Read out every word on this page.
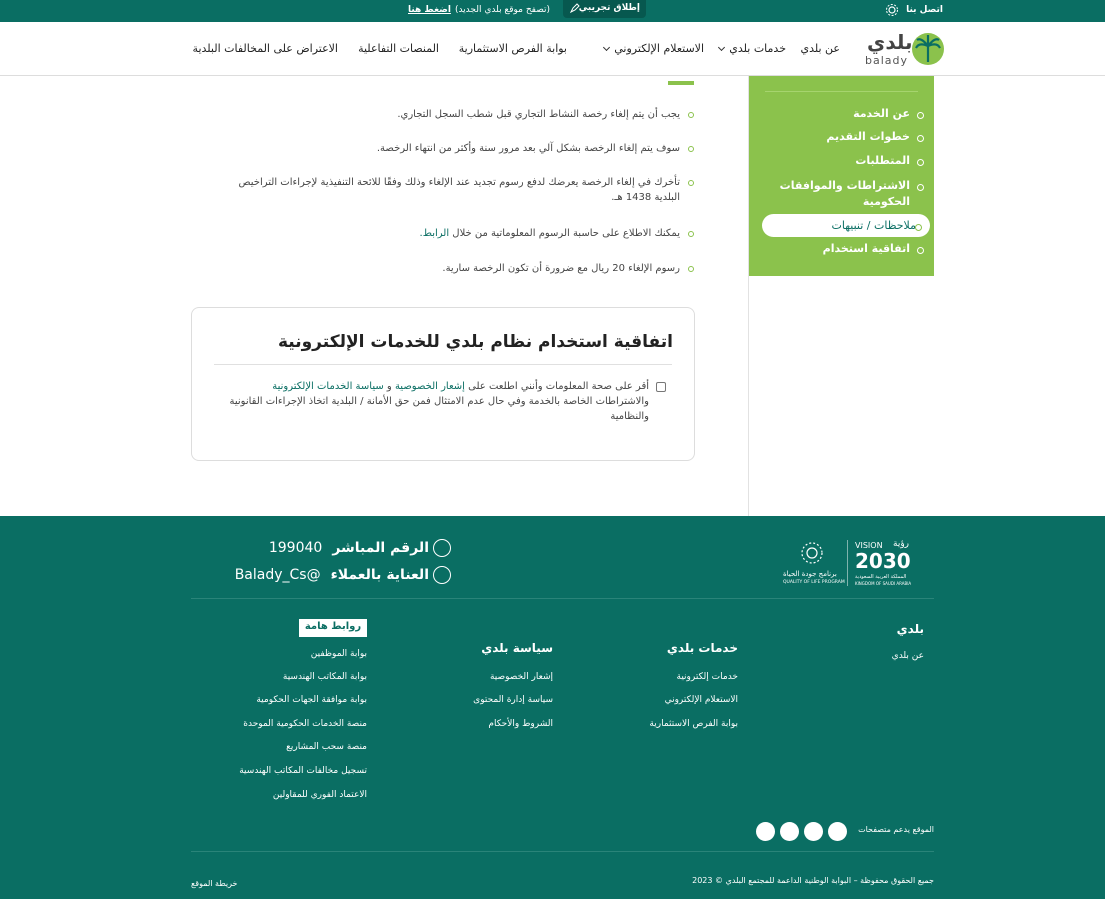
اتصل بنا
إطلاق تجريبي
(تصفح موقع بلدي الجديد)اضغط هنا
بلدي
balady
عن بلدي
خدمات بلدي
الاستعلام الإلكتروني
بوابة الفرص الاستثمارية
المنصات التفاعلية
الاعتراض على المخالفات البلدية
عن الخدمة
خطوات التقديم
المتطلبات
الاشتراطات والموافقات الحكومية
ملاحظات / تنبيهات
اتفاقية استخدام
يجب أن يتم إلغاء رخصة النشاط التجاري قبل شطب السجل التجاري.
سوف يتم إلغاء الرخصة بشكل آلي بعد مرور سنة وأكثر من انتهاء الرخصة.
تأخرك في إلغاء الرخصة يعرضك لدفع رسوم تجديد عند الإلغاء وذلك وفقًا للائحة التنفيذية لإجراءات التراخيص البلدية 1438 هـ.
يمكنك الاطلاع على حاسبة الرسوم المعلوماتية من خلال الرابط.
رسوم الإلغاء 20 ريال مع ضرورة أن تكون الرخصة سارية.
اتفاقية استخدام نظام بلدي للخدمات الإلكترونية
أقر على صحة المعلومات وأنني اطلعت على إشعار الخصوصية و سياسة الخدمات الإلكترونية والاشتراطات الخاصة بالخدمة وفي حال عدم الامتثال فمن حق الأمانة / البلدية اتخاذ الإجراءات القانونية والنظامية
الرقم المباشر199040
العناية بالعملاء@Balady_Cs	برنامج جودة الحياة
QUALITY OF LIFE PROGRAM
VISION رؤية
2030
المملكة العربية السعودية
KINGDOM OF SAUDI ARABIA
بلدي
عن بلدي
خدمات بلدي
خدمات إلكترونية
الاستعلام الإلكتروني
بوابة الفرص الاستثمارية
سياسة بلدي
إشعار الخصوصية
سياسة إدارة المحتوى
الشروط والأحكام
روابط هامة
بوابة الموظفين
بوابة المكاتب الهندسية
بوابة موافقة الجهات الحكومية
منصة الخدمات الحكومية الموحدة
منصة سحب المشاريع
تسجيل مخالفات المكاتب الهندسية
الاعتماد الفوري للمقاولين
الموقع يدعم متصفحات
جميع الحقوق محفوظة – البوابة الوطنية الداعمة للمجتمع البلدي © 2023
خريطة الموقع
